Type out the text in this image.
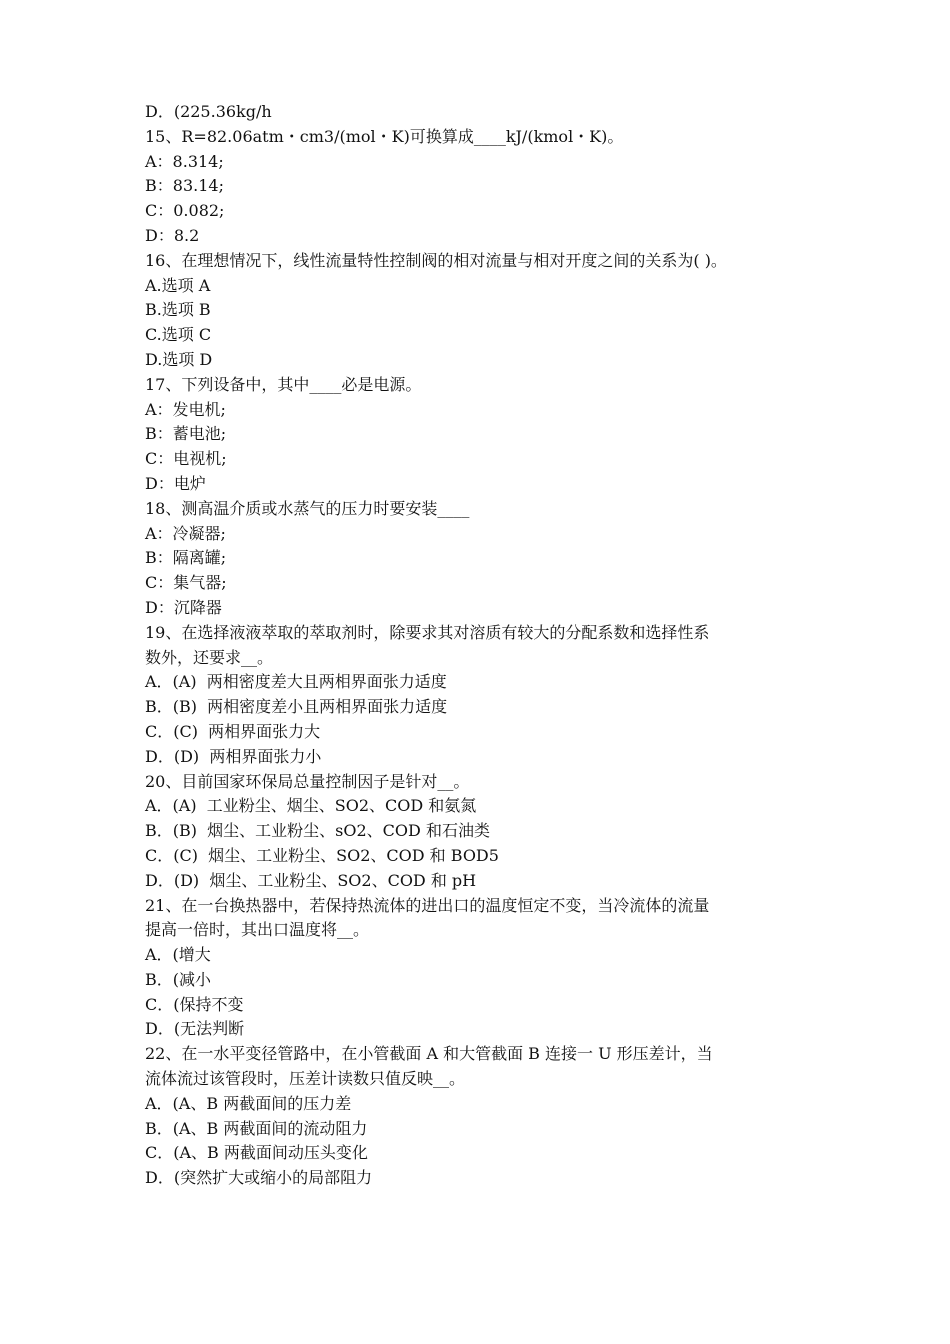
D．(225.36kg/h
15、R=82.06atm・cm3/(mol・K)可换算成____kJ/(kmol・K)。
A：8.314;
B：83.14;
C：0.082;
D：8.2
16、在理想情况下，线性流量特性控制阀的相对流量与相对开度之间的关系为( )。
A.选项 A
B.选项 B
C.选项 C
D.选项 D
17、下列设备中，其中____必是电源。
A：发电机;
B：蓄电池;
C：电视机;
D：电炉
18、测高温介质或水蒸气的压力时要安装____
A：冷凝器;
B：隔离罐;
C：集气器;
D：沉降器
19、在选择液液萃取的萃取剂时，除要求其对溶质有较大的分配系数和选择性系
数外，还要求__。
A．(A)  两相密度差大且两相界面张力适度
B．(B)  两相密度差小且两相界面张力适度
C．(C)  两相界面张力大
D．(D)  两相界面张力小
20、目前国家环保局总量控制因子是针对__。
A．(A)  工业粉尘、烟尘、SO2、COD 和氨氮
B．(B)  烟尘、工业粉尘、sO2、COD 和石油类
C．(C)  烟尘、工业粉尘、SO2、COD 和 BOD5
D．(D)  烟尘、工业粉尘、SO2、COD 和 pH
21、在一台换热器中，若保持热流体的进出口的温度恒定不变，当冷流体的流量
提高一倍时，其出口温度将__。
A．(增大
B．(减小
C．(保持不变
D．(无法判断
22、在一水平变径管路中，在小管截面 A 和大管截面 B 连接一 U 形压差计，当
流体流过该管段时，压差计读数只值反映__。
A．(A、B 两截面间的压力差
B．(A、B 两截面间的流动阻力
C．(A、B 两截面间动压头变化
D．(突然扩大或缩小的局部阻力
